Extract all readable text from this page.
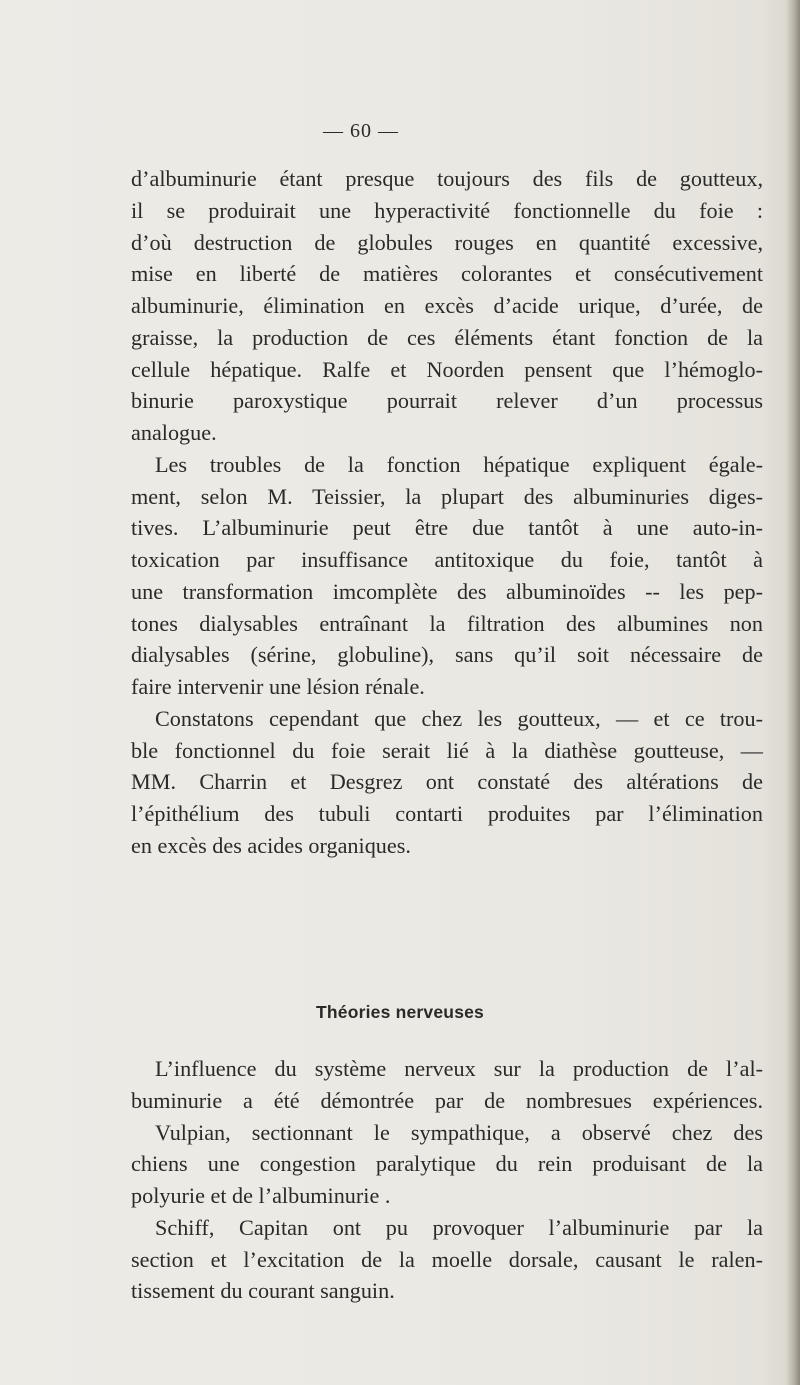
— 60 —
d’albuminurie étant presque toujours des fils de goutteux,
il se produirait une hyperactivité fonctionnelle du foie :
d’où destruction de globules rouges en quantité excessive,
mise en liberté de matières colorantes et consécutivement
albuminurie, élimination en excès d’acide urique, d’urée, de
graisse, la production de ces éléments étant fonction de la
cellule hépatique. Ralfe et Noorden pensent que l’hémoglo-
binurie paroxystique pourrait relever d’un processus
analogue.
Les troubles de la fonction hépatique expliquent égale-
ment, selon M. Teissier, la plupart des albuminuries diges-
tives. L’albuminurie peut être due tantôt à une auto-in-
toxication par insuffisance antitoxique du foie, tantôt à
une transformation imcomplète des albuminoïdes -- les pep-
tones dialysables entraînant la filtration des albumines non
dialysables (sérine, globuline), sans qu’il soit nécessaire de
faire intervenir une lésion rénale.
Constatons cependant que chez les goutteux, — et ce trou-
ble fonctionnel du foie serait lié à la diathèse goutteuse, —
MM. Charrin et Desgrez ont constaté des altérations de
l’épithélium des tubuli contarti produites par l’élimination
en excès des acides organiques.
Théories nerveuses
L’influence du système nerveux sur la production de l’al-
buminurie a été démontrée par de nombresues expériences.
Vulpian, sectionnant le sympathique, a observé chez des
chiens une congestion paralytique du rein produisant de la
polyurie et de l’albuminurie .
Schiff, Capitan ont pu provoquer l’albuminurie par la
section et l’excitation de la moelle dorsale, causant le ralen-
tissement du courant sanguin.
